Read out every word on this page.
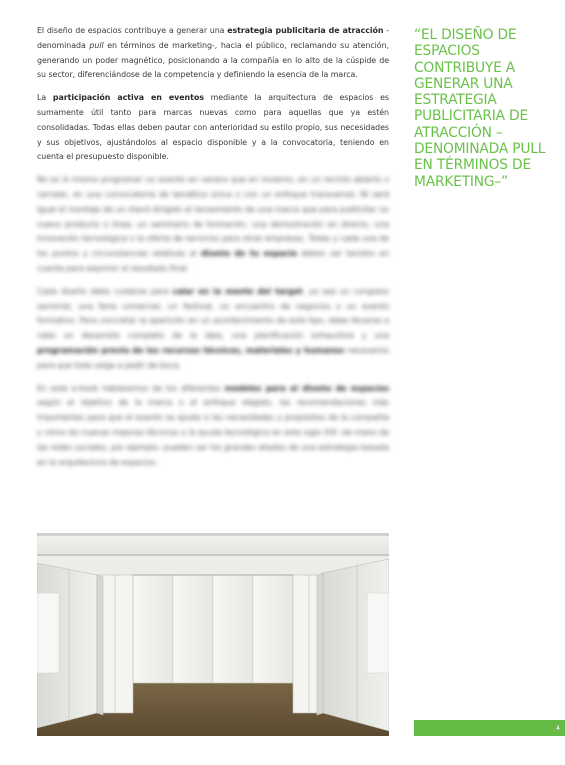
El diseño de espacios contribuye a generar una estrategia publicitaria de atracción -denominada pull en términos de marketing-, hacia el público, reclamando su atención, generando un poder magnético, posicionando a la compañía en lo alto de la cúspide de su sector, diferenciándose de la competencia y definiendo la esencia de la marca.

La participación activa en eventos mediante la arquitectura de espacios es sumamente útil tanto para marcas nuevas como para aquellas que ya estén consolidadas. Todas ellas deben pautar con anterioridad su estilo propio, sus necesidades y sus objetivos, ajustándolos al espacio disponible y a la convocatoria, teniendo en cuenta el presupuesto disponible.

No es lo mismo programar un evento en verano que en invierno, en un recinto abierto o cerrado, en una convocatoria de temática única o con un enfoque transversal. Ni será igual el montaje de un stand dirigido al lanzamiento de una marca que para publicitar un nuevo producto o línea, un seminario de formación, una demostración en directo, una innovación tecnológica o la oferta de servicios para otras empresas. Todas y cada una de los puntos y circunstancias relativas al diseño de tu espacio deben ser tenidos en cuenta para exprimir el resultado final.

Cada diseño debe cuidarse para calar en la mente del target, ya sea un congreso sectorial, una feria comercial, un festival, un encuentro de negocios o un evento formativo. Para concretar la aparición en un acontecimiento de este tipo, debe llevarse a cabo un desarrollo completo de la idea, una planificación exhaustiva y una programación previa de los recursos técnicos, materiales y humanos necesarios para que todo salga a pedir de boca.

En este e-book hablaremos de los diferentes modelos para el diseño de espacios según el objetivo de la marca o el enfoque elegido, las recomendaciones más importantes para que el evento se ajuste a las necesidades y propósitos de la compañía y cómo las nuevas mejoras técnicas y la ayuda tecnológica en este siglo XXI -de mano de las redes sociales, por ejemplo- pueden ser los grandes aliados de una estrategia basada en la arquitectura de espacios.

“EL DISEÑO DE ESPACIOS CONTRIBUYE A GENERAR UNA ESTRATEGIA PUBLICITARIA DE ATRACCIÓN –DENOMINADA PULL EN TÉRMINOS DE MARKETING–”
4
